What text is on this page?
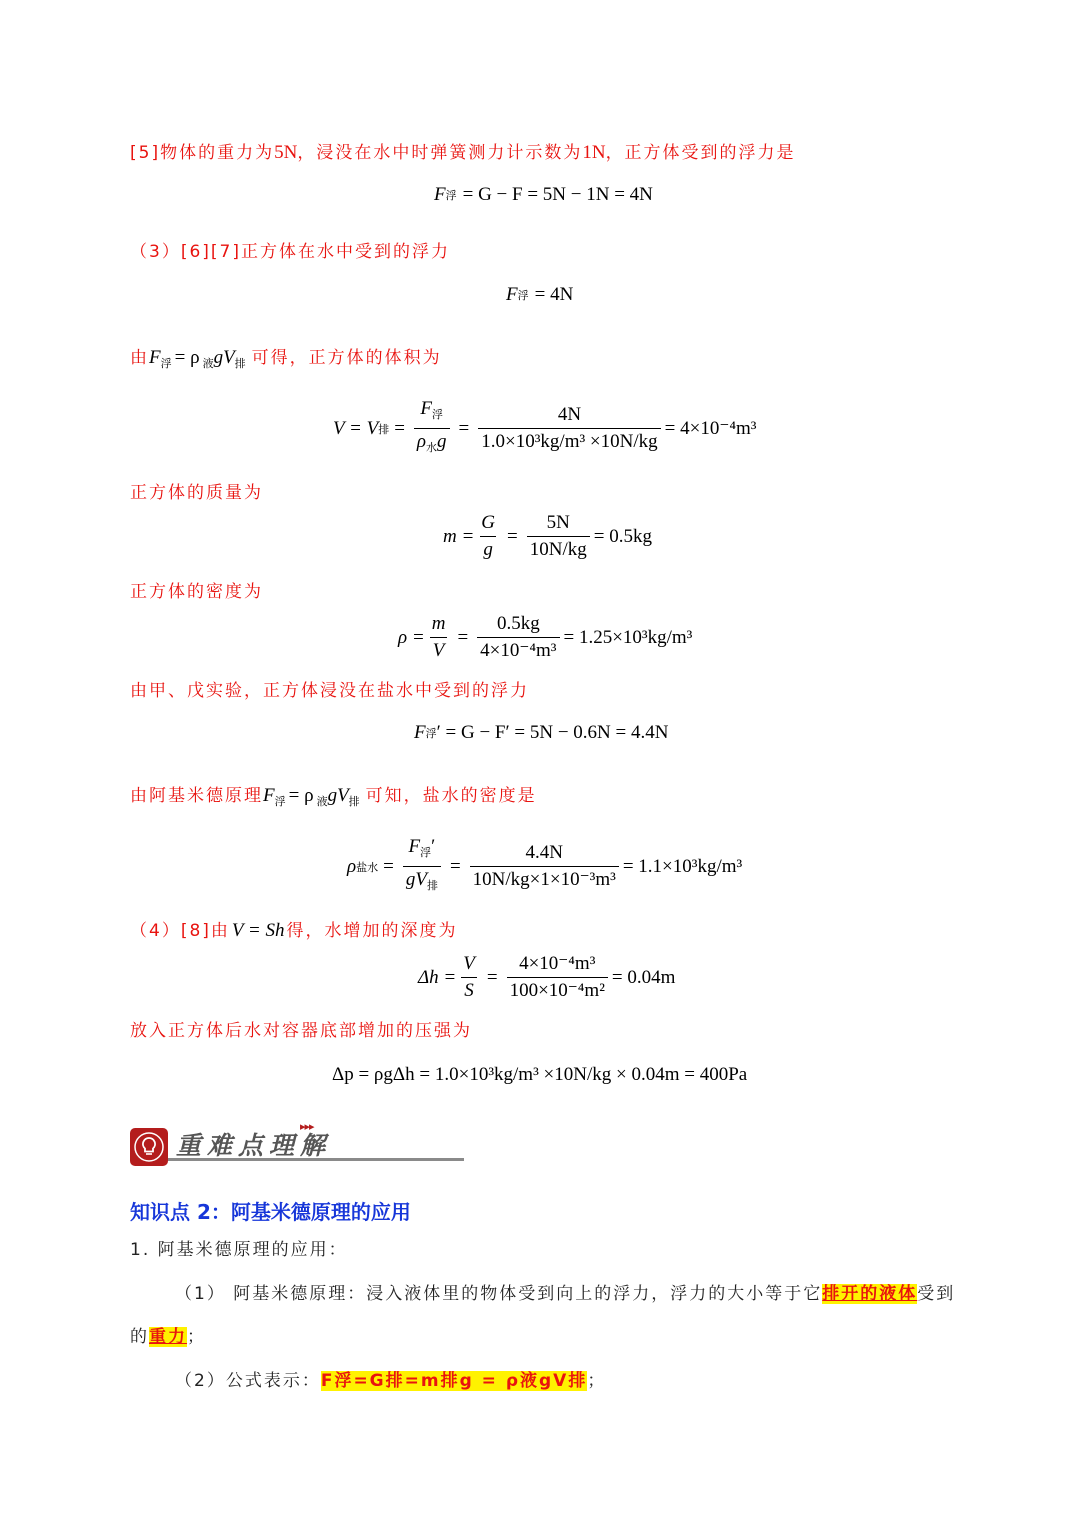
[5]物体的重力为5N，浸没在水中时弹簧测力计示数为1N，正方体受到的浮力是
F 浮 = G − F = 5N − 1N = 4N
（3）[6][7]正方体在水中受到的浮力
F 浮 = 4N
由$F_浮 = \rho$ $_液gV_排$ 可得，正方体的体积为
V = V 排 = $\frac{F_浮}{\rho_水g} = \frac{4N}{\text{1.0×10³kg/m³ ×10N/kg}} = 4\times 10^{-4}m^3$
正方体的质量为
$m = \frac{G}{g} = \frac{5N}{10N/kg} = 0.5kg$
正方体的密度为
$\rho = \frac{m}{V} = \frac{0.5kg}{\text{4×10⁻⁴m³}} = 1.25\times 10^3kg/m^3$
由甲、戊实验，正方体浸没在盐水中受到的浮力
F 浮 ′ = G − F′ = 5N − 0.6N = 4.4N
由阿基米德原理$F_浮 = \rho$ $_液gV_排$ 可知，盐水的密度是
ρ 盐水 = $\frac{F_浮'}{gV_排} = \frac{4.4N}{\text{10N/kg×1×10⁻³m³}} = 1.1\times 10^3kg/m^3$
（4）[8]由 V = Sh 得，水增加的深度为
$\Delta h = \frac{V}{S} = \frac{\text{4×10⁻⁴m³}}{\text{100×10⁻⁴m²}} = 0.04m$
放入正方体后水对容器底部增加的压强为
Δp = ρgΔh = 1.0×10³kg/m³ ×10N/kg × 0.04m = 400Pa
重难点理解
▸▸▸
知识点 2：阿基米德原理的应用
1. 阿基米德原理的应用：
（1） 阿基米德原理：浸入液体里的物体受到向上的浮力，浮力的大小等于它排开的液体受到
的重力；
（2）公式表示：F浮=G排=m排g = ρ液gV排；
